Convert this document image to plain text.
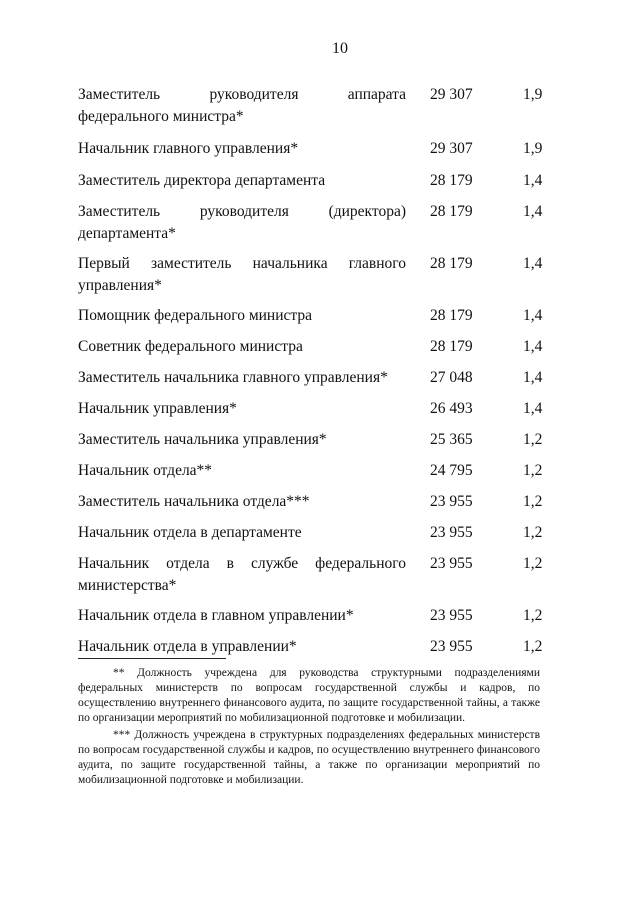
10
Заместитель руководителя аппарата федерального министра*
29 307	1,9
Начальник главного управления*	29 307	1,9
Заместитель директора департамента	28 179	1,4
Заместитель руководителя (директора) департамента*
28 179	1,4
Первый заместитель начальника главного управления*
28 179	1,4
Помощник федерального министра	28 179	1,4
Советник федерального министра	28 179	1,4
Заместитель начальника главного управления*	27 048	1,4
Начальник управления*	26 493	1,4
Заместитель начальника управления*	25 365	1,2
Начальник отдела**	24 795	1,2
Заместитель начальника отдела***	23 955	1,2
Начальник отдела в департаменте	23 955	1,2
Начальник отдела в службе федерального министерства*
23 955	1,2
Начальник отдела в главном управлении*	23 955	1,2
Начальник отдела в управлении*	23 955	1,2

** Должность учреждена для руководства структурными подразделениями федеральных министерств по вопросам государственной службы и кадров, по осуществлению внутреннего финансового аудита, по защите государственной тайны, а также по организации мероприятий по мобилизационной подготовке и мобилизации.

*** Должность учреждена в структурных подразделениях федеральных министерств по вопросам государственной службы и кадров, по осуществлению внутреннего финансового аудита, по защите государственной тайны, а также по организации мероприятий по мобилизационной подготовке и мобилизации.
